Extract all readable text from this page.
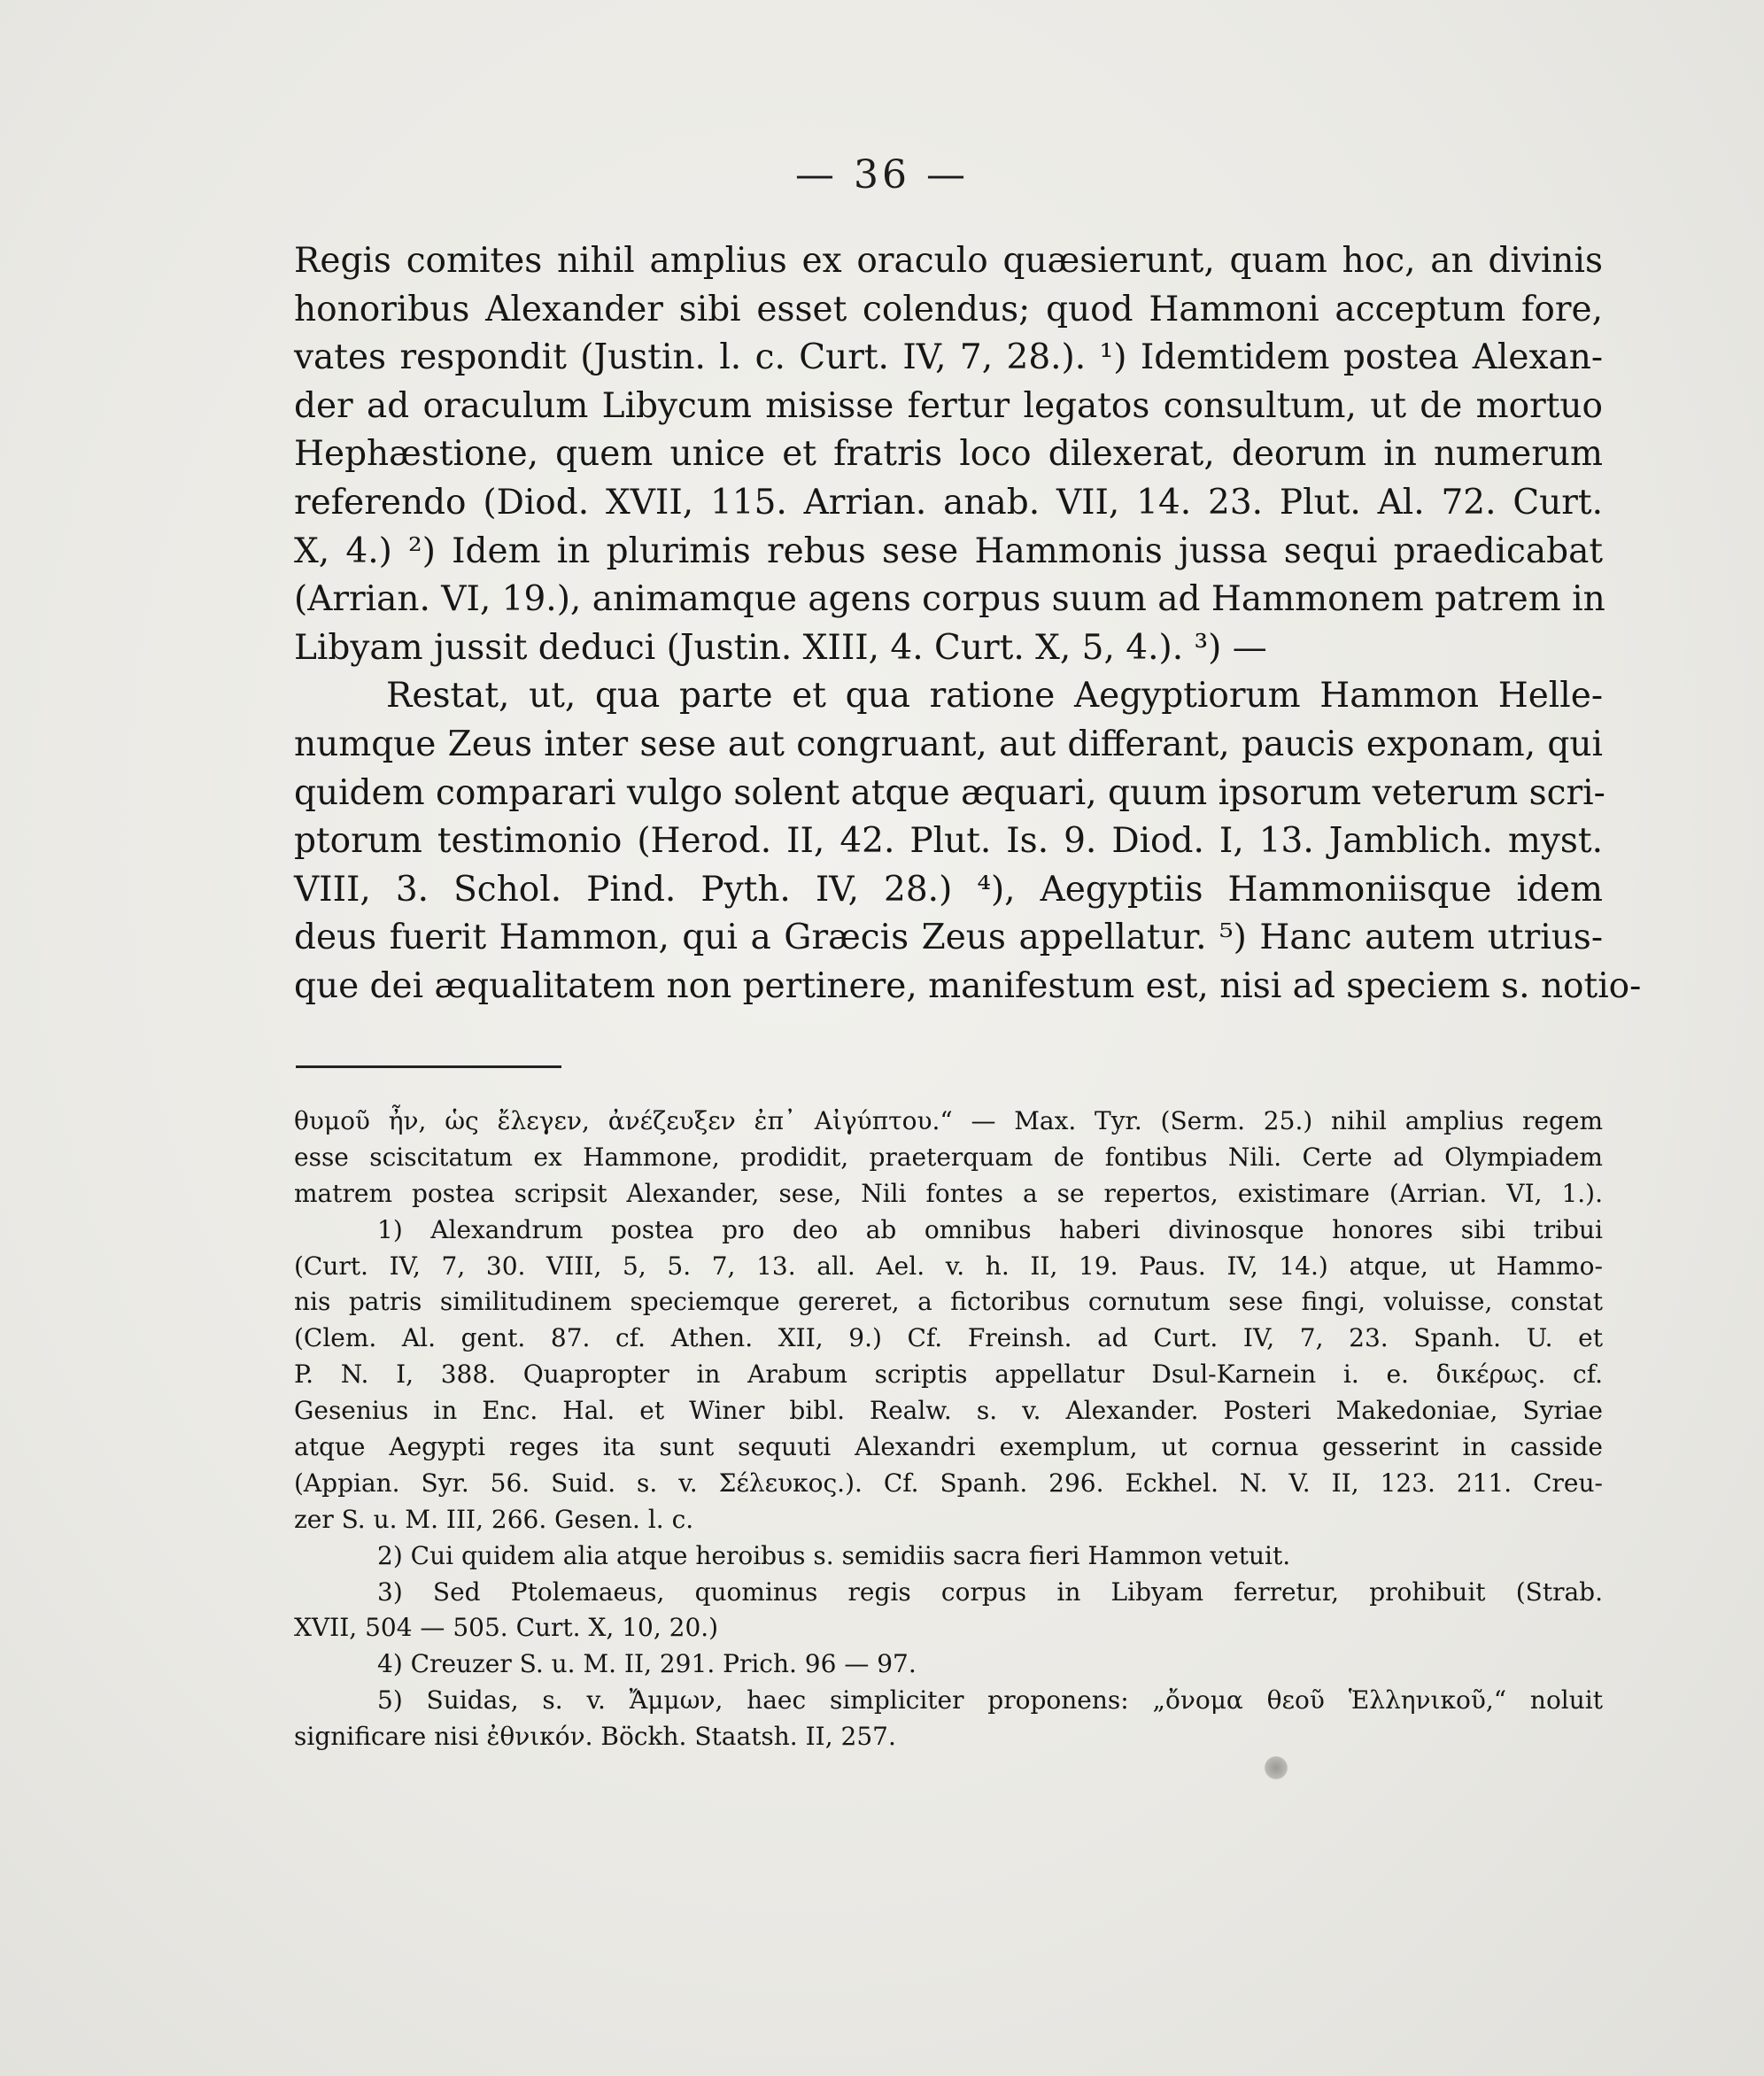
— 36 —
Regis comites nihil amplius ex oraculo quæsierunt, quam hoc, an divinis
honoribus Alexander sibi esset colendus; quod Hammoni acceptum fore,
vates respondit (Justin. l. c. Curt. IV, 7, 28.). ¹) Idemtidem postea Alexan-
der ad oraculum Libycum misisse fertur legatos consultum, ut de mortuo
Hephæstione, quem unice et fratris loco dilexerat, deorum in numerum
referendo (Diod. XVII, 115. Arrian. anab. VII, 14. 23. Plut. Al. 72. Curt.
X, 4.) ²) Idem in plurimis rebus sese Hammonis jussa sequi praedicabat
(Arrian. VI, 19.), animamque agens corpus suum ad Hammonem patrem in
Libyam jussit deduci (Justin. XIII, 4. Curt. X, 5, 4.). ³) —
Restat, ut, qua parte et qua ratione Aegyptiorum Hammon Helle-
numque Zeus inter sese aut congruant, aut differant, paucis exponam, qui
quidem comparari vulgo solent atque æquari, quum ipsorum veterum scri-
ptorum testimonio (Herod. II, 42. Plut. Is. 9. Diod. I, 13. Jamblich. myst.
VIII, 3. Schol. Pind. Pyth. IV, 28.) ⁴), Aegyptiis Hammoniisque idem
deus fuerit Hammon, qui a Græcis Zeus appellatur. ⁵) Hanc autem utrius-
que dei æqualitatem non pertinere, manifestum est, nisi ad speciem s. notio-
θυμοῦ ἦν, ὡς ἔλεγεν, ἀνέζευξεν ἐπ᾽ Αἰγύπτου.“ — Max. Tyr. (Serm. 25.) nihil amplius regem
esse sciscitatum ex Hammone, prodidit, praeterquam de fontibus Nili. Certe ad Olympiadem
matrem postea scripsit Alexander, sese, Nili fontes a se repertos, existimare (Arrian. VI, 1.).
1) Alexandrum postea pro deo ab omnibus haberi divinosque honores sibi tribui
(Curt. IV, 7, 30. VIII, 5, 5. 7, 13. all. Ael. v. h. II, 19. Paus. IV, 14.) atque, ut Hammo-
nis patris similitudinem speciemque gereret, a fictoribus cornutum sese fingi, voluisse, constat
(Clem. Al. gent. 87. cf. Athen. XII, 9.) Cf. Freinsh. ad Curt. IV, 7, 23. Spanh. U. et
P. N. I, 388. Quapropter in Arabum scriptis appellatur Dsul-Karnein i. e. δικέρως. cf.
Gesenius in Enc. Hal. et Winer bibl. Realw. s. v. Alexander. Posteri Makedoniae, Syriae
atque Aegypti reges ita sunt sequuti Alexandri exemplum, ut cornua gesserint in casside
(Appian. Syr. 56. Suid. s. v. Σέλευκος.). Cf. Spanh. 296. Eckhel. N. V. II, 123. 211. Creu-
zer S. u. M. III, 266. Gesen. l. c.
2) Cui quidem alia atque heroibus s. semidiis sacra fieri Hammon vetuit.
3) Sed Ptolemaeus, quominus regis corpus in Libyam ferretur, prohibuit (Strab.
XVII, 504 — 505. Curt. X, 10, 20.)
4) Creuzer S. u. M. II, 291. Prich. 96 — 97.
5) Suidas, s. v. Ἄμμων, haec simpliciter proponens: „ὄνομα θεοῦ Ἑλληνικοῦ,“ noluit
significare nisi ἐθνικόν. Böckh. Staatsh. II, 257.
